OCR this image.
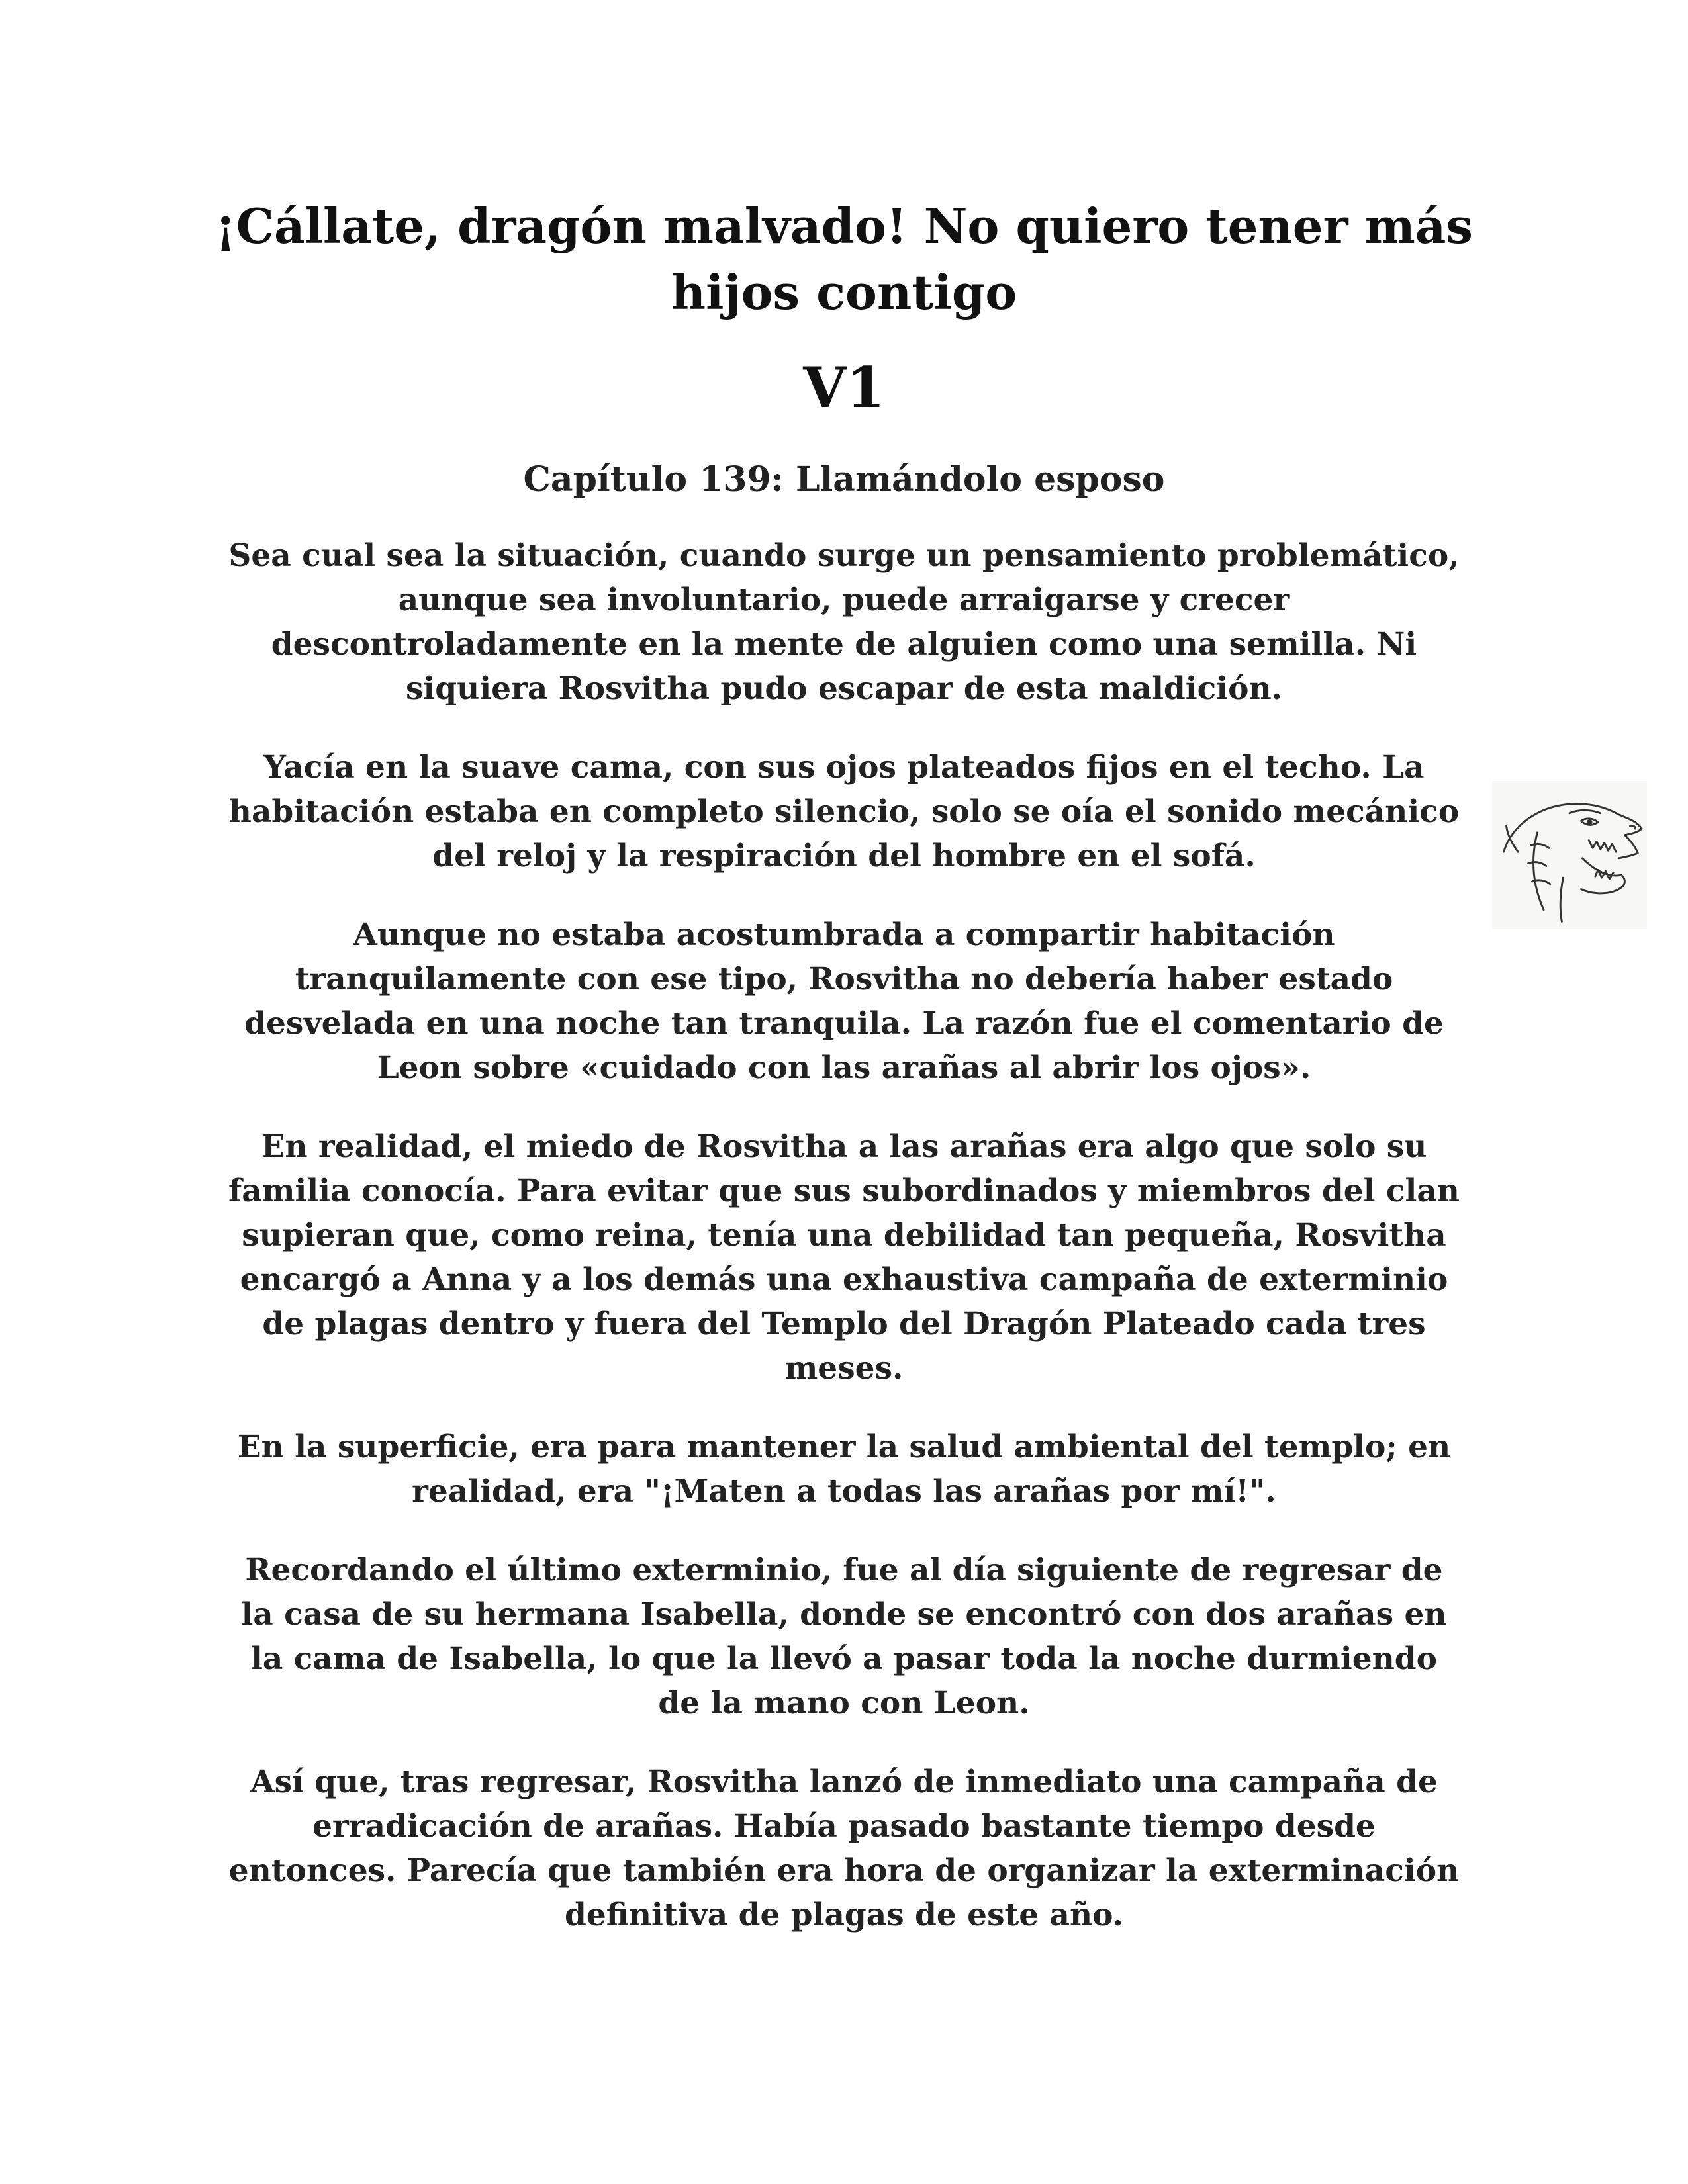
¡Cállate, dragón malvado! No quiero tener más hijos contigo
V1
Capítulo 139: Llamándolo esposo

Sea cual sea la situación, cuando surge un pensamiento problemático, aunque sea involuntario, puede arraigarse y crecer descontroladamente en la mente de alguien como una semilla. Ni siquiera Rosvitha pudo escapar de esta maldición.

Yacía en la suave cama, con sus ojos plateados fijos en el techo. La habitación estaba en completo silencio, solo se oía el sonido mecánico del reloj y la respiración del hombre en el sofá.

Aunque no estaba acostumbrada a compartir habitación tranquilamente con ese tipo, Rosvitha no debería haber estado desvelada en una noche tan tranquila. La razón fue el comentario de Leon sobre «cuidado con las arañas al abrir los ojos».

En realidad, el miedo de Rosvitha a las arañas era algo que solo su familia conocía. Para evitar que sus subordinados y miembros del clan supieran que, como reina, tenía una debilidad tan pequeña, Rosvitha encargó a Anna y a los demás una exhaustiva campaña de exterminio de plagas dentro y fuera del Templo del Dragón Plateado cada tres meses.

En la superficie, era para mantener la salud ambiental del templo; en realidad, era "¡Maten a todas las arañas por mí!".

Recordando el último exterminio, fue al día siguiente de regresar de la casa de su hermana Isabella, donde se encontró con dos arañas en la cama de Isabella, lo que la llevó a pasar toda la noche durmiendo de la mano con Leon.

Así que, tras regresar, Rosvitha lanzó de inmediato una campaña de erradicación de arañas. Había pasado bastante tiempo desde entonces. Parecía que también era hora de organizar la exterminación definitiva de plagas de este año.
